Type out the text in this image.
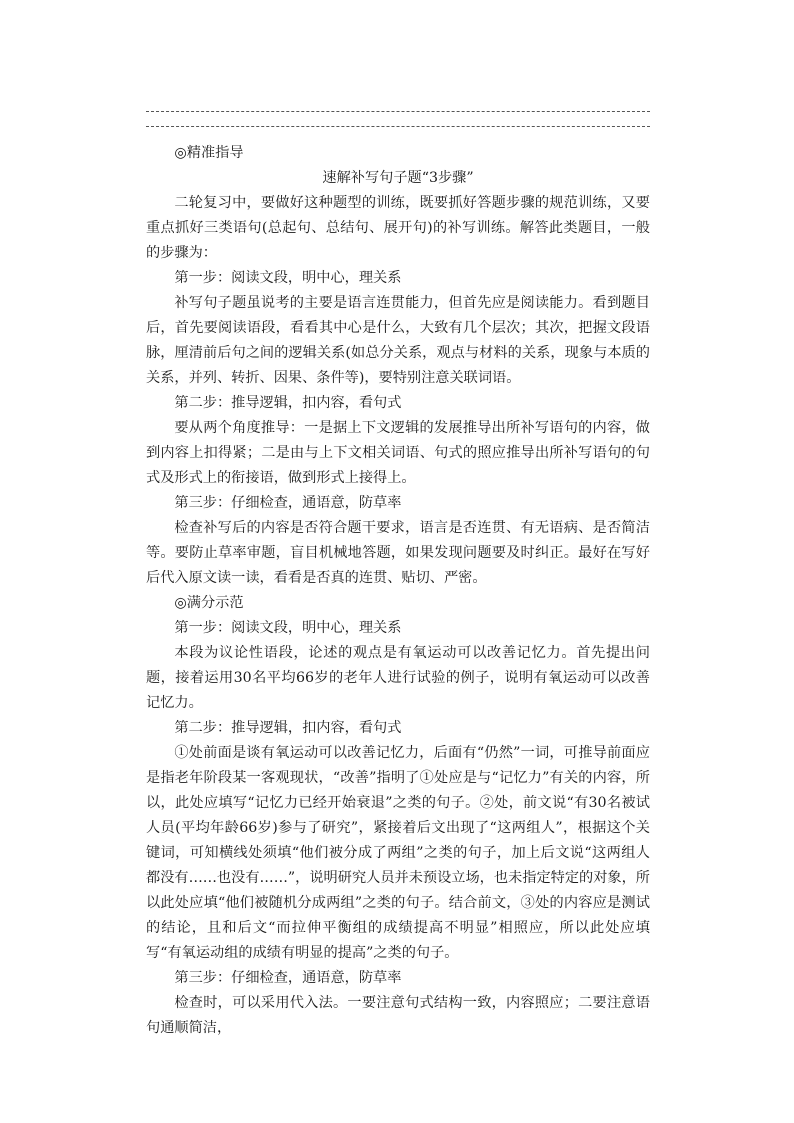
◎精准指导

速解补写句子题“3步骤”

二轮复习中，要做好这种题型的训练，既要抓好答题步骤的规范训练，又要重点抓好三类语句(总起句、总结句、展开句)的补写训练。解答此类题目，一般的步骤为：

第一步：阅读文段，明中心，理关系

补写句子题虽说考的主要是语言连贯能力，但首先应是阅读能力。看到题目后，首先要阅读语段，看看其中心是什么，大致有几个层次；其次，把握文段语脉，厘清前后句之间的逻辑关系(如总分关系，观点与材料的关系，现象与本质的关系，并列、转折、因果、条件等)，要特别注意关联词语。

第二步：推导逻辑，扣内容，看句式

要从两个角度推导：一是据上下文逻辑的发展推导出所补写语句的内容，做到内容上扣得紧；二是由与上下文相关词语、句式的照应推导出所补写语句的句式及形式上的衔接语，做到形式上接得上。

第三步：仔细检查，通语意，防草率

检查补写后的内容是否符合题干要求，语言是否连贯、有无语病、是否简洁等。要防止草率审题，盲目机械地答题，如果发现问题要及时纠正。最好在写好后代入原文读一读，看看是否真的连贯、贴切、严密。

◎满分示范

第一步：阅读文段，明中心，理关系

本段为议论性语段，论述的观点是有氧运动可以改善记忆力。首先提出问题，接着运用30名平均66岁的老年人进行试验的例子，说明有氧运动可以改善记忆力。

第二步：推导逻辑，扣内容，看句式

①处前面是谈有氧运动可以改善记忆力，后面有“仍然”一词，可推导前面应是指老年阶段某一客观现状，“改善”指明了①处应是与“记忆力”有关的内容，所以，此处应填写“记忆力已经开始衰退”之类的句子。②处，前文说“有30名被试人员(平均年龄66岁)参与了研究”，紧接着后文出现了“这两组人”，根据这个关键词，可知横线处须填“他们被分成了两组”之类的句子，加上后文说“这两组人都没有……也没有……”，说明研究人员并未预设立场，也未指定特定的对象，所以此处应填“他们被随机分成两组”之类的句子。结合前文，③处的内容应是测试的结论，且和后文“而拉伸平衡组的成绩提高不明显”相照应，所以此处应填写“有氧运动组的成绩有明显的提高”之类的句子。

第三步：仔细检查，通语意，防草率

检查时，可以采用代入法。一要注意句式结构一致，内容照应；二要注意语句通顺简洁，
